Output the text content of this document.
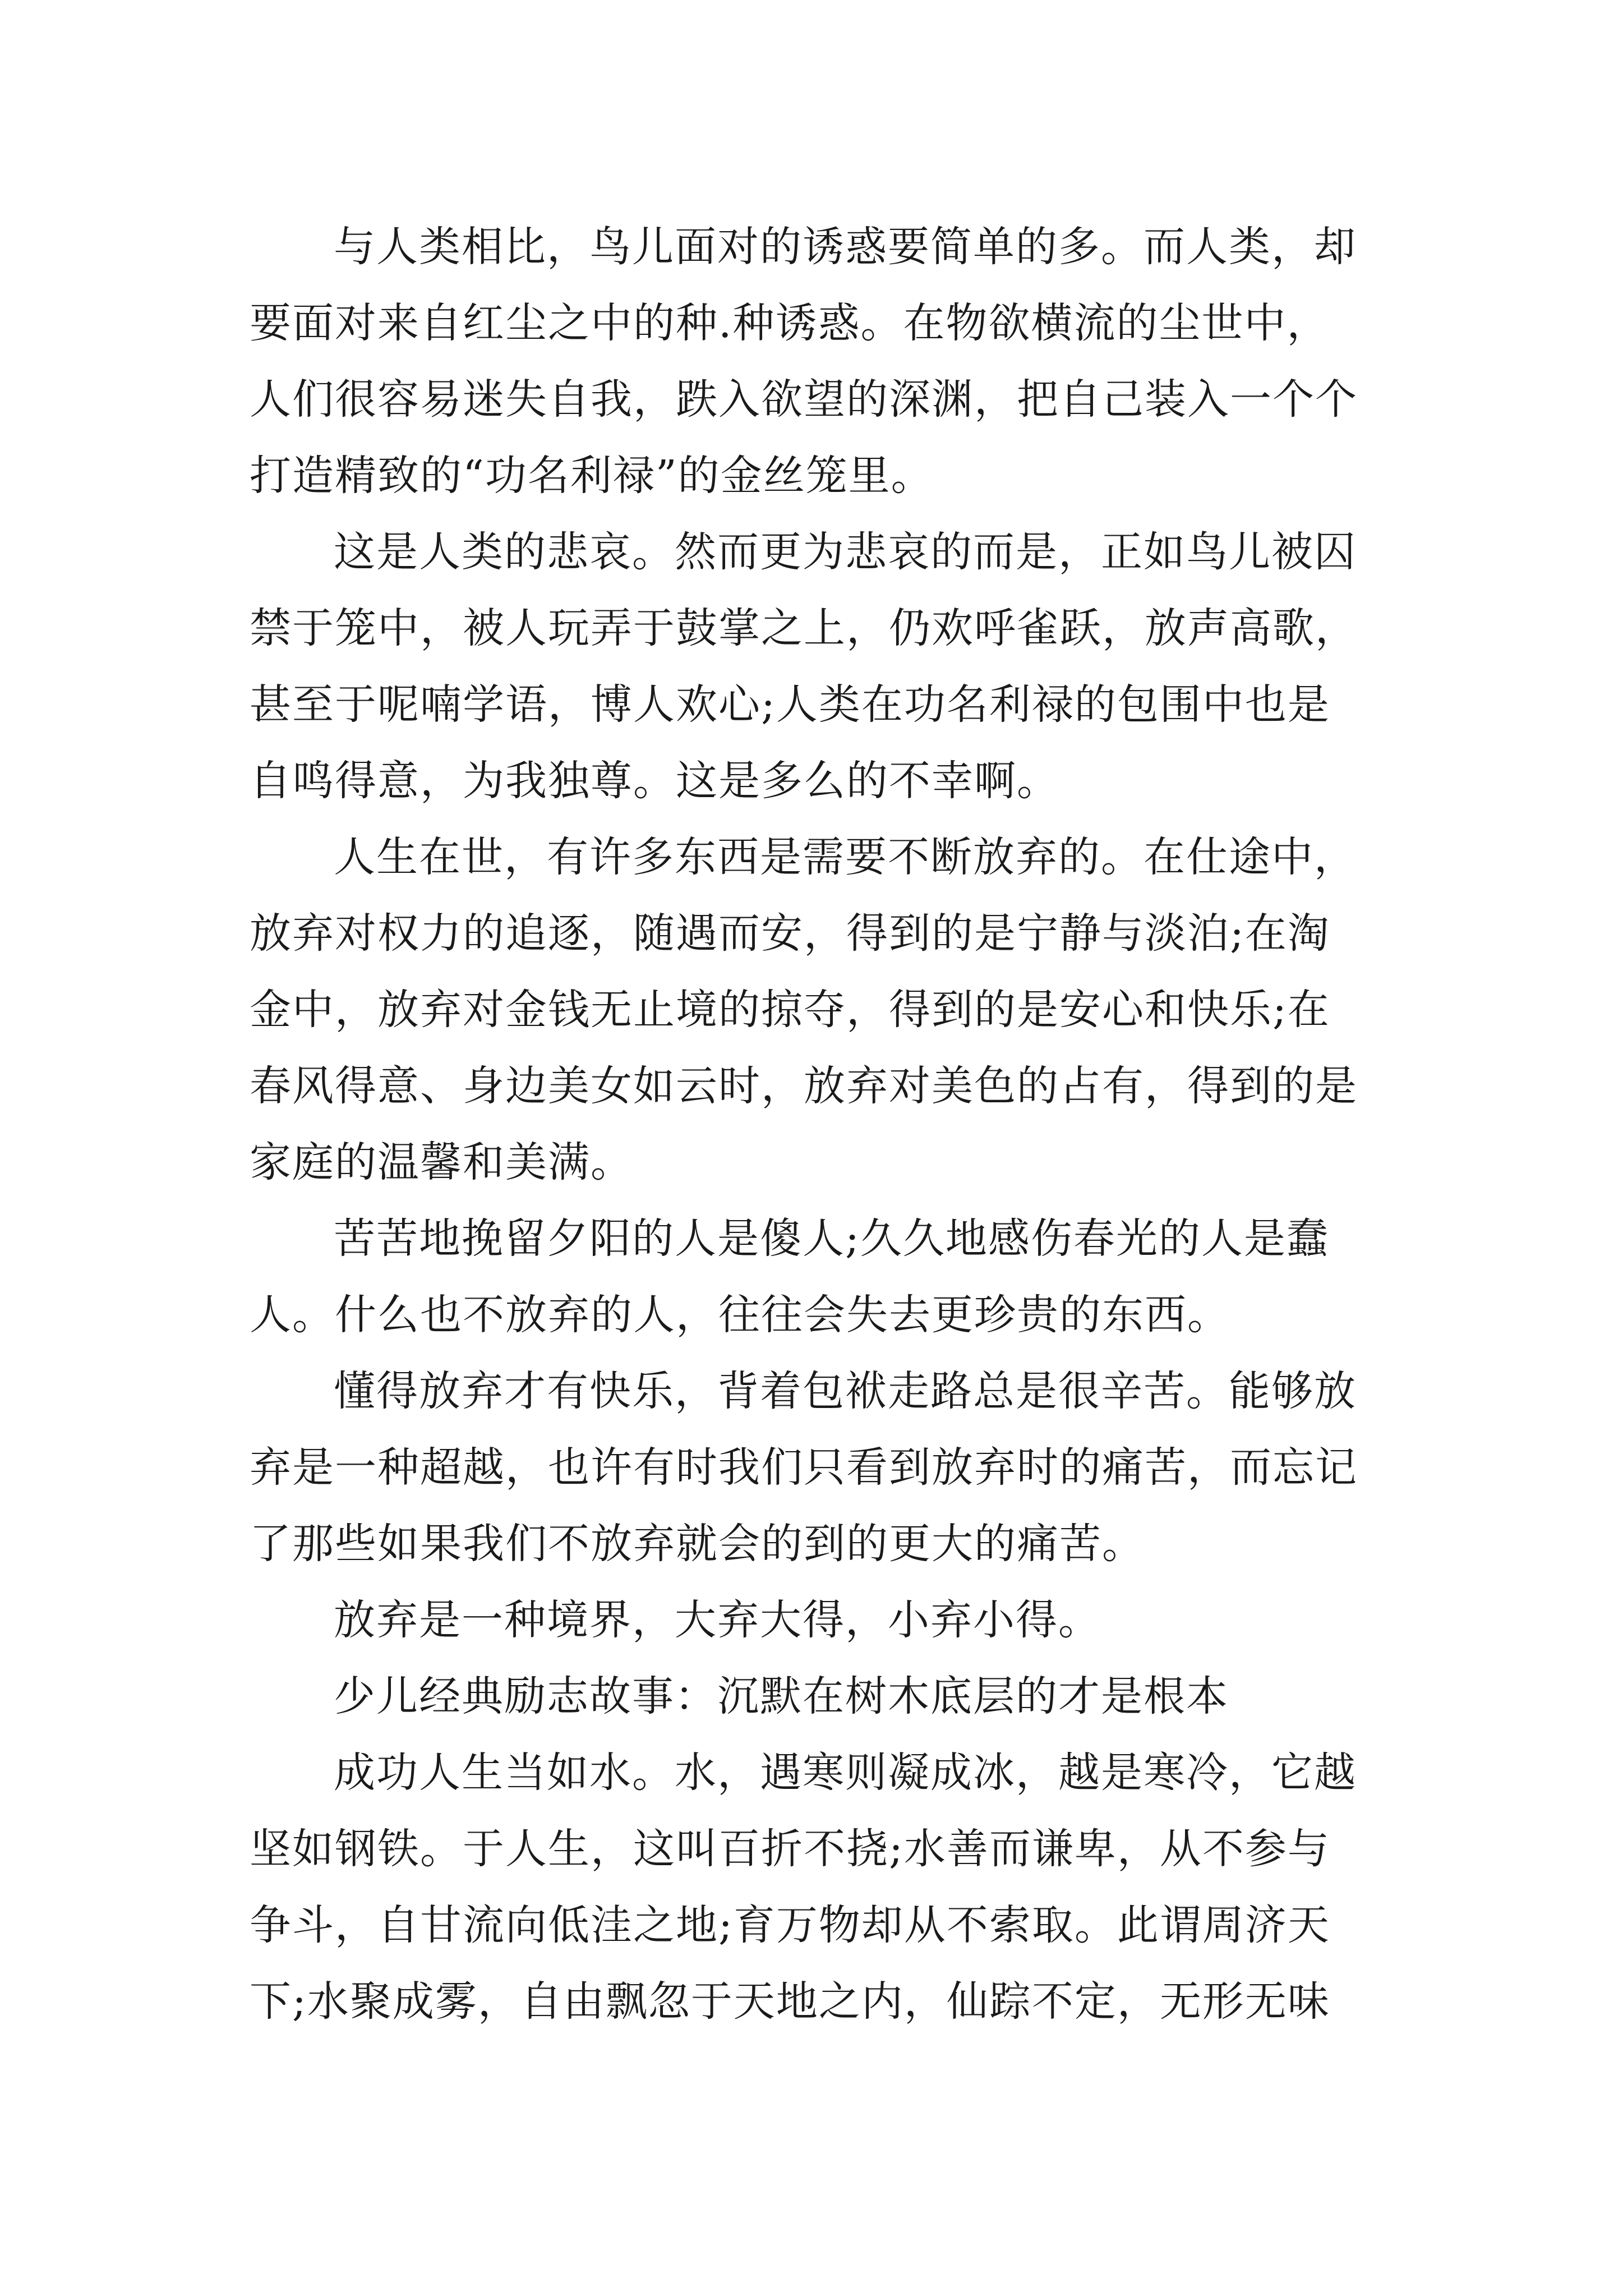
与人类相比，鸟儿面对的诱惑要简单的多。而人类，却
要面对来自红尘之中的种.种诱惑。在物欲横流的尘世中，
人们很容易迷失自我，跌入欲望的深渊，把自己装入一个个
打造精致的“功名利禄”的金丝笼里。
这是人类的悲哀。然而更为悲哀的而是，正如鸟儿被囚
禁于笼中，被人玩弄于鼓掌之上，仍欢呼雀跃，放声高歌，
甚至于呢喃学语，博人欢心;人类在功名利禄的包围中也是
自鸣得意，为我独尊。这是多么的不幸啊。
人生在世，有许多东西是需要不断放弃的。在仕途中，
放弃对权力的追逐，随遇而安，得到的是宁静与淡泊;在淘
金中，放弃对金钱无止境的掠夺，得到的是安心和快乐;在
春风得意、身边美女如云时，放弃对美色的占有，得到的是
家庭的温馨和美满。
苦苦地挽留夕阳的人是傻人;久久地感伤春光的人是蠢
人。什么也不放弃的人，往往会失去更珍贵的东西。
懂得放弃才有快乐，背着包袱走路总是很辛苦。能够放
弃是一种超越，也许有时我们只看到放弃时的痛苦，而忘记
了那些如果我们不放弃就会的到的更大的痛苦。
放弃是一种境界，大弃大得，小弃小得。
少儿经典励志故事：沉默在树木底层的才是根本
成功人生当如水。水，遇寒则凝成冰，越是寒冷，它越
坚如钢铁。于人生，这叫百折不挠;水善而谦卑，从不参与
争斗，自甘流向低洼之地;育万物却从不索取。此谓周济天
下;水聚成雾，自由飘忽于天地之内，仙踪不定，无形无味
